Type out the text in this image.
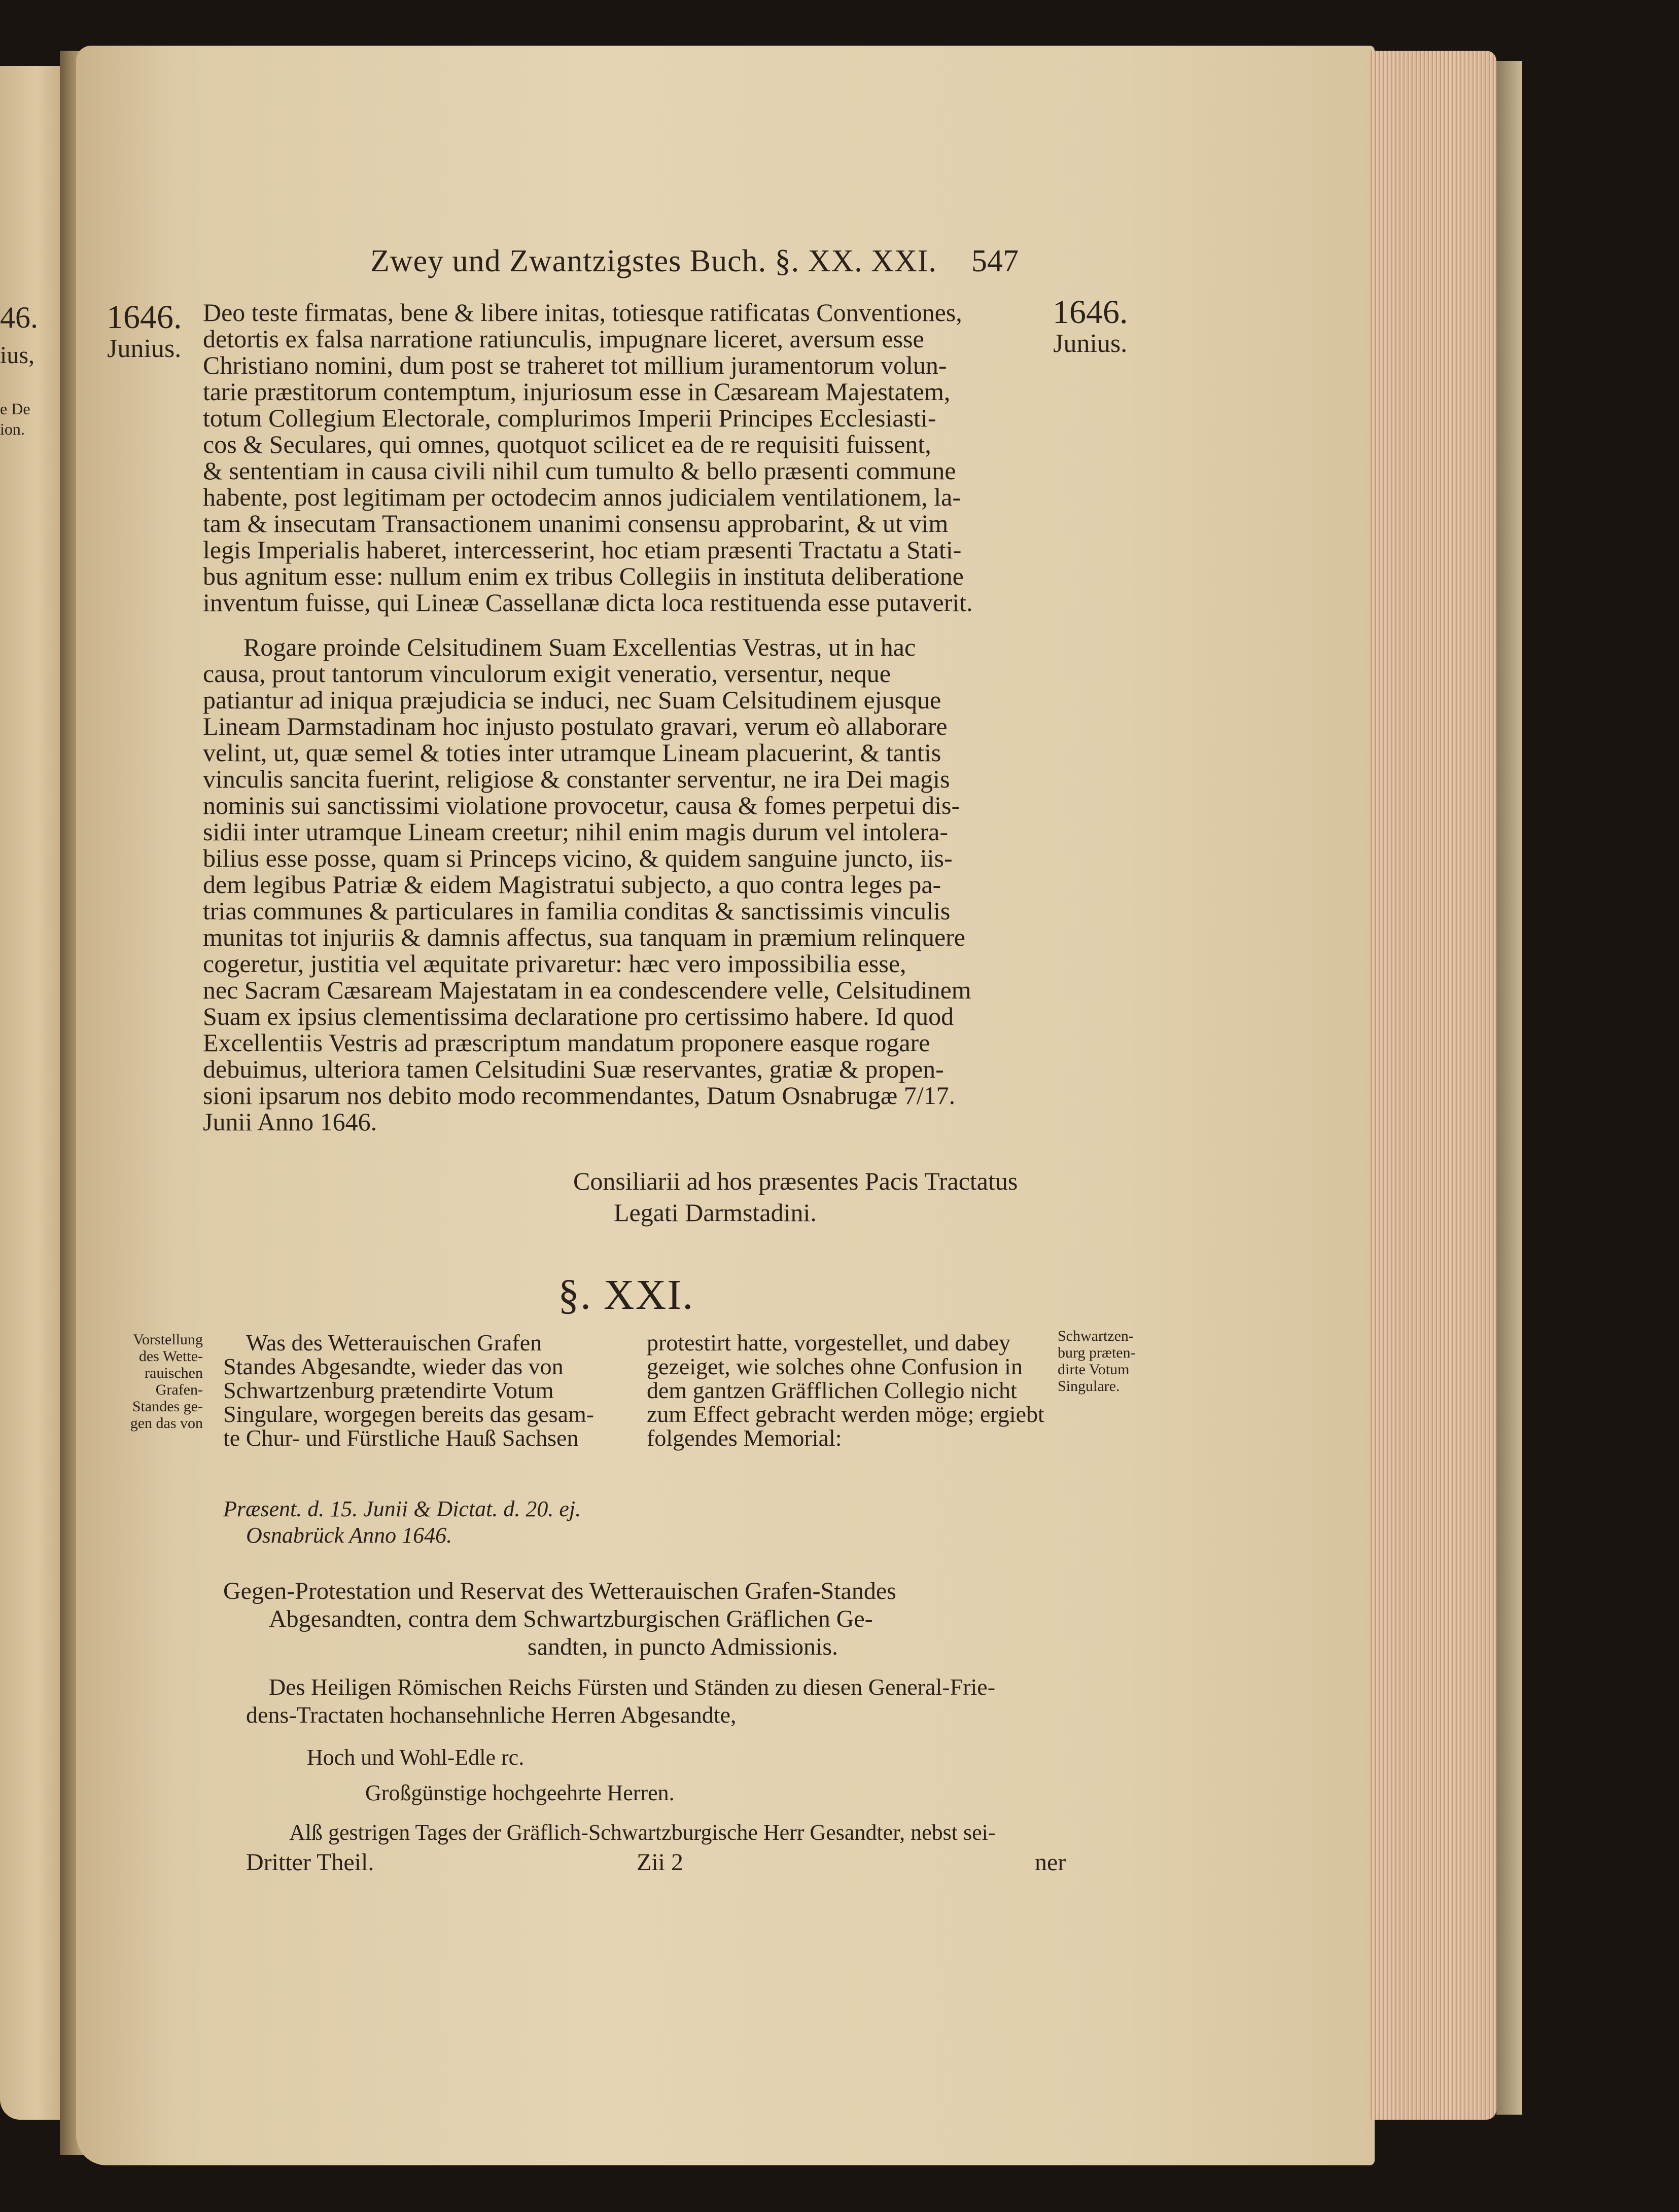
46.
ius,
e De
ion.
Zwey und Zwantzigstes Buch. §. XX. XXI. 547
1646.
Junius.
1646.
Junius.
Deo teste firmatas, bene & libere initas, totiesque ratificatas Conventiones,
detortis ex falsa narratione ratiunculis, impugnare liceret, aversum esse
Christiano nomini, dum post se traheret tot millium juramentorum volun-
tarie præstitorum contemptum, injuriosum esse in Cæsaream Majestatem,
totum Collegium Electorale, complurimos Imperii Principes Ecclesiasti-
cos & Seculares, qui omnes, quotquot scilicet ea de re requisiti fuissent,
& sententiam in causa civili nihil cum tumulto & bello præsenti commune
habente, post legitimam per octodecim annos judicialem ventilationem, la-
tam & insecutam Transactionem unanimi consensu approbarint, & ut vim
legis Imperialis haberet, intercesserint, hoc etiam præsenti Tractatu a Stati-
bus agnitum esse: nullum enim ex tribus Collegiis in instituta deliberatione
inventum fuisse, qui Lineæ Cassellanæ dicta loca restituenda esse putaverit.
Rogare proinde Celsitudinem Suam Excellentias Vestras, ut in hac
causa, prout tantorum vinculorum exigit veneratio, versentur, neque
patiantur ad iniqua præjudicia se induci, nec Suam Celsitudinem ejusque
Lineam Darmstadinam hoc injusto postulato gravari, verum eò allaborare
velint, ut, quæ semel & toties inter utramque Lineam placuerint, & tantis
vinculis sancita fuerint, religiose & constanter serventur, ne ira Dei magis
nominis sui sanctissimi violatione provocetur, causa & fomes perpetui dis-
sidii inter utramque Lineam creetur; nihil enim magis durum vel intolera-
bilius esse posse, quam si Princeps vicino, & quidem sanguine juncto, iis-
dem legibus Patriæ & eidem Magistratui subjecto, a quo contra leges pa-
trias communes & particulares in familia conditas & sanctissimis vinculis
munitas tot injuriis & damnis affectus, sua tanquam in præmium relinquere
cogeretur, justitia vel æquitate privaretur: hæc vero impossibilia esse,
nec Sacram Cæsaream Majestatam in ea condescendere velle, Celsitudinem
Suam ex ipsius clementissima declaratione pro certissimo habere. Id quod
Excellentiis Vestris ad præscriptum mandatum proponere easque rogare
debuimus, ulteriora tamen Celsitudini Suæ reservantes, gratiæ & propen-
sioni ipsarum nos debito modo recommendantes, Datum Osnabrugæ 7/17.
Junii Anno 1646.
Consiliarii ad hos præsentes Pacis Tractatus
Legati Darmstadini.
§. XXI.
Vorstellung
des Wette-
rauischen
Grafen-
Standes ge-
gen das von
Schwartzen-
burg præten-
dirte Votum
Singulare.
Was des Wetterauischen Grafen
Standes Abgesandte, wieder das von
Schwartzenburg prætendirte Votum
Singulare, worgegen bereits das gesam-
te Chur- und Fürstliche Hauß Sachsen
protestirt hatte, vorgestellet, und dabey
gezeiget, wie solches ohne Confusion in
dem gantzen Gräfflichen Collegio nicht
zum Effect gebracht werden möge; ergiebt
folgendes Memorial:
Præsent. d. 15. Junii & Dictat. d. 20. ej.
Osnabrück Anno 1646.
Gegen-Protestation und Reservat des Wetterauischen Grafen-Standes
Abgesandten, contra dem Schwartzburgischen Gräflichen Ge-
sandten, in puncto Admissionis.
Des Heiligen Römischen Reichs Fürsten und Ständen zu diesen General-Frie-
dens-Tractaten hochansehnliche Herren Abgesandte,
Hoch und Wohl-Edle rc.
Großgünstige hochgeehrte Herren.
Alß gestrigen Tages der Gräflich-Schwartzburgische Herr Gesandter, nebst sei-
Dritter Theil.	Zii 2	ner
